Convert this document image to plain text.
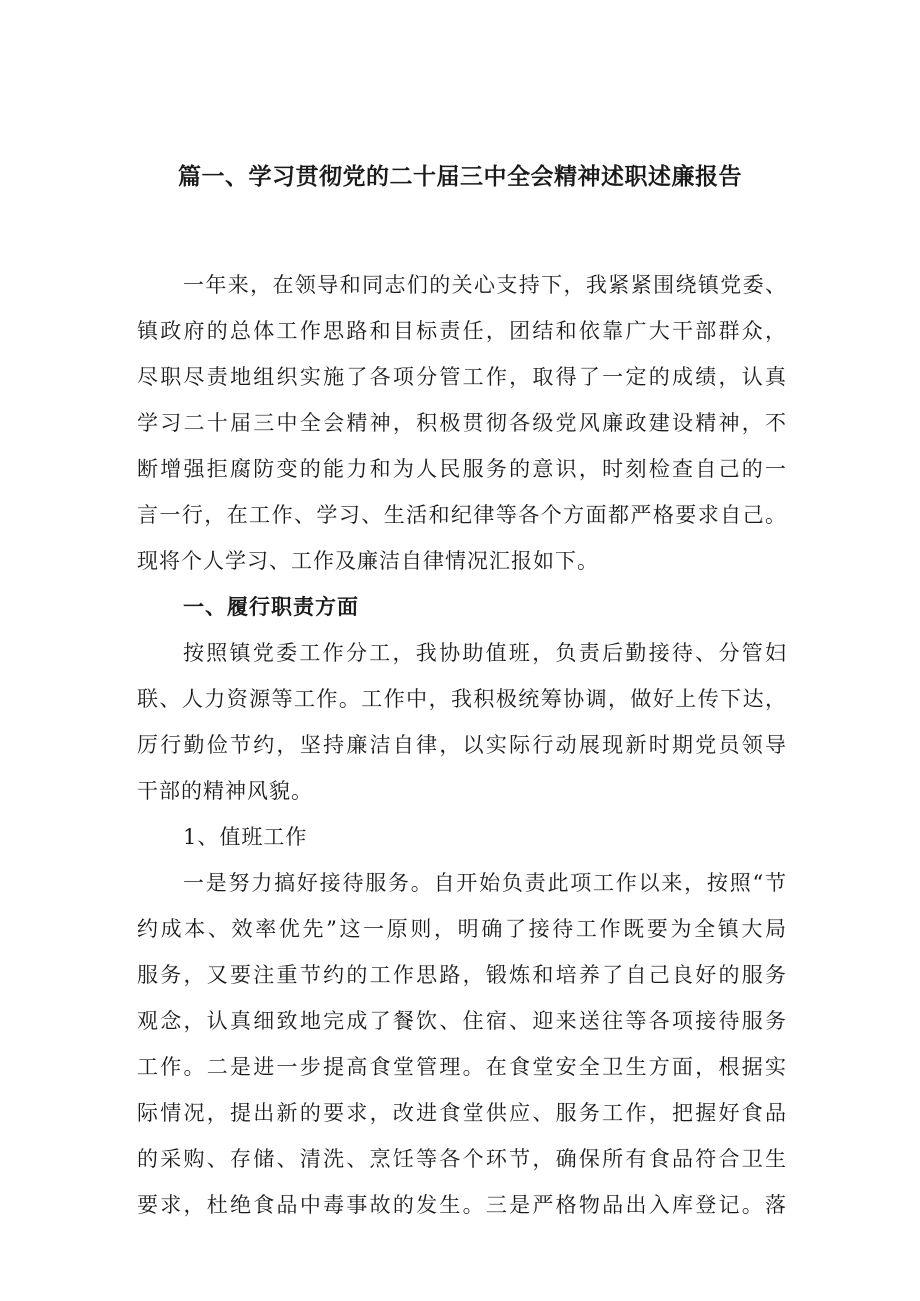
篇一、学习贯彻党的二十届三中全会精神述职述廉报告
一年来，在领导和同志们的关心支持下，我紧紧围绕镇党委、
镇政府的总体工作思路和目标责任，团结和依靠广大干部群众，
尽职尽责地组织实施了各项分管工作，取得了一定的成绩，认真
学习二十届三中全会精神，积极贯彻各级党风廉政建设精神，不
断增强拒腐防变的能力和为人民服务的意识，时刻检查自己的一
言一行，在工作、学习、生活和纪律等各个方面都严格要求自己。
现将个人学习、工作及廉洁自律情况汇报如下。
一、履行职责方面
按照镇党委工作分工，我协助值班，负责后勤接待、分管妇
联、人力资源等工作。工作中，我积极统筹协调，做好上传下达，
厉行勤俭节约，坚持廉洁自律，以实际行动展现新时期党员领导
干部的精神风貌。
1、值班工作
一是努力搞好接待服务。自开始负责此项工作以来，按照“节
约成本、效率优先”这一原则，明确了接待工作既要为全镇大局
服务，又要注重节约的工作思路，锻炼和培养了自己良好的服务
观念，认真细致地完成了餐饮、住宿、迎来送往等各项接待服务
工作。二是进一步提高食堂管理。在食堂安全卫生方面，根据实
际情况，提出新的要求，改进食堂供应、服务工作，把握好食品
的采购、存储、清洗、烹饪等各个环节，确保所有食品符合卫生
要求，杜绝食品中毒事故的发生。三是严格物品出入库登记。落
